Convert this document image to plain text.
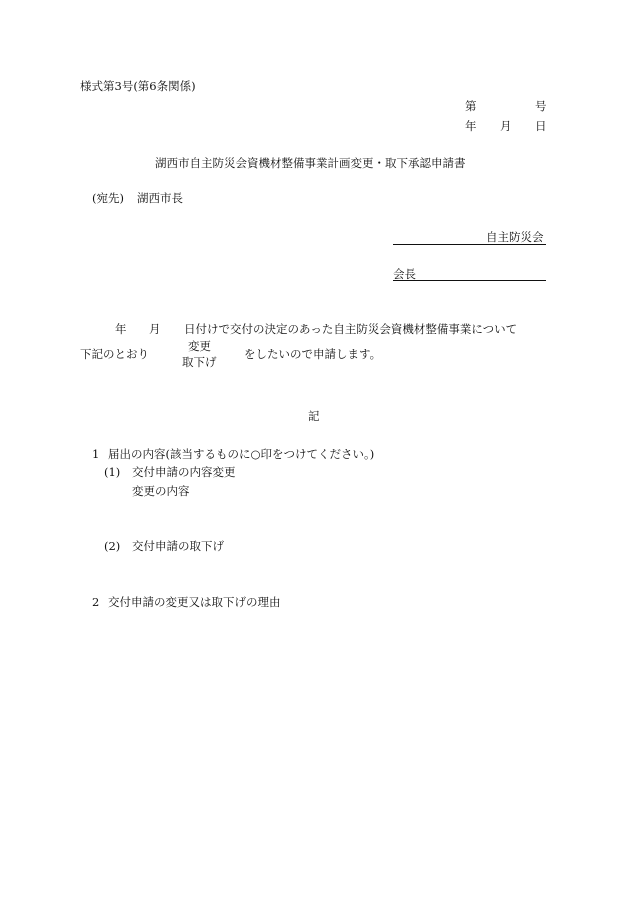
様式第3号(第6条関係)
第	号
年 月 日
湖西市自主防災会資機材整備事業計画変更・取下承認申請書
(宛先) 湖西市長
自主防災会
会長
年 月 日付けで交付の決定のあった自主防災会資機材整備事業について
下記のとおり
変更
取下げ
をしたいので申請します。
記
1 届出の内容(該当するものに○印をつけてください。)
(1) 交付申請の内容変更
変更の内容
(2) 交付申請の取下げ
2 交付申請の変更又は取下げの理由
